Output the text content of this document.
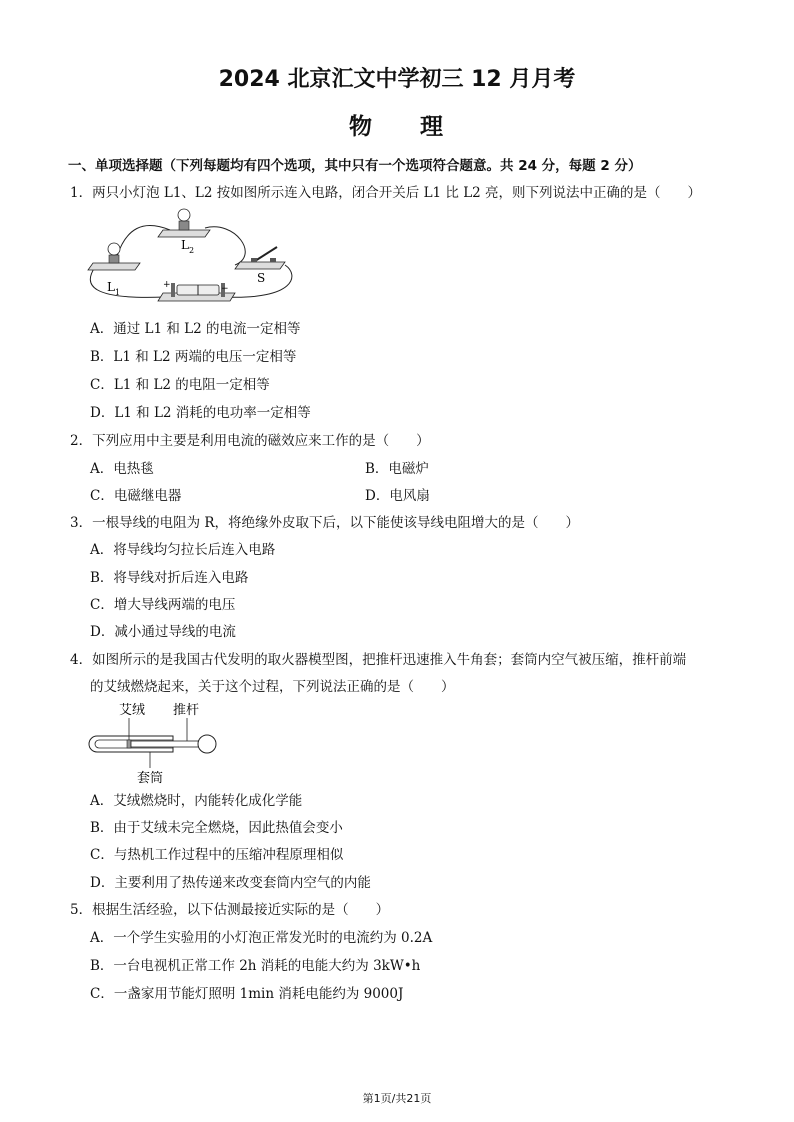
2024 北京汇文中学初三 12 月月考
物 理
一、单项选择题（下列每题均有四个选项，其中只有一个选项符合题意。共 24 分，每题 2 分）
1．两只小灯泡 L1、L2 按如图所示连入电路，闭合开关后 L1 比 L2 亮，则下列说法中正确的是（　　）
L 2
L 1
S
+	−
A．通过 L1 和 L2 的电流一定相等
B．L1 和 L2 两端的电压一定相等
C．L1 和 L2 的电阻一定相等
D．L1 和 L2 消耗的电功率一定相等
2．下列应用中主要是利用电流的磁效应来工作的是（　　）
A．电热毯	B．电磁炉
C．电磁继电器	D．电风扇
3．一根导线的电阻为 R，将绝缘外皮取下后，以下能使该导线电阻增大的是（　　）
A．将导线均匀拉长后连入电路
B．将导线对折后连入电路
C．增大导线两端的电压
D．减小通过导线的电流
4．如图所示的是我国古代发明的取火器模型图，把推杆迅速推入牛角套；套筒内空气被压缩，推杆前端
的艾绒燃烧起来，关于这个过程，下列说法正确的是（　　）
艾绒 推杆
套筒
A．艾绒燃烧时，内能转化成化学能
B．由于艾绒未完全燃烧，因此热值会变小
C．与热机工作过程中的压缩冲程原理相似
D．主要利用了热传递来改变套筒内空气的内能
5．根据生活经验，以下估测最接近实际的是（　　）
A．一个学生实验用的小灯泡正常发光时的电流约为 0.2A
B．一台电视机正常工作 2h 消耗的电能大约为 3kW•h
C．一盏家用节能灯照明 1min 消耗电能约为 9000J
第1页/共21页
